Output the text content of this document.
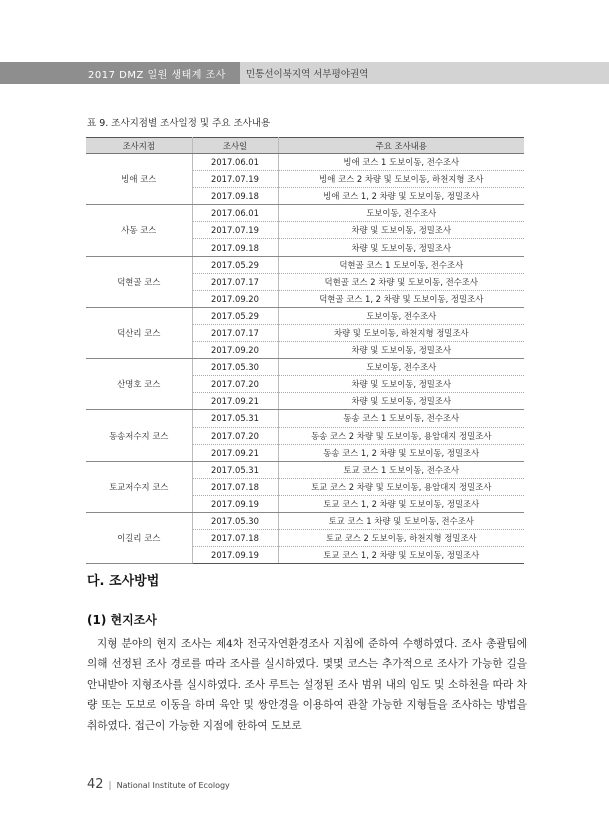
2017 DMZ 일원 생태계 조사 민통선이북지역 서부평야권역
표 9. 조사지점별 조사일정 및 주요 조사내용
조사지점	조사일	주요 조사내용
빙애 코스	2017.06.01	빙애 코스 1 도보이동, 전수조사
	2017.07.19	빙애 코스 2 차량 및 도보이동, 하천지형 조사
	2017.09.18	빙애 코스 1, 2 차량 및 도보이동, 정밀조사
사동 코스	2017.06.01	도보이동, 전수조사
	2017.07.19	차량 및 도보이동, 정밀조사
	2017.09.18	차량 및 도보이동, 정밀조사
덕현골 코스	2017.05.29	덕현골 코스 1 도보이동, 전수조사
	2017.07.17	덕현골 코스 2 차량 및 도보이동, 전수조사
	2017.09.20	덕현골 코스 1, 2 차량 및 도보이동, 정밀조사
덕산리 코스	2017.05.29	도보이동, 전수조사
	2017.07.17	차량 및 도보이동, 하천지형 정밀조사
	2017.09.20	차량 및 도보이동, 정밀조사
산명호 코스	2017.05.30	도보이동, 전수조사
	2017.07.20	차량 및 도보이동, 정밀조사
	2017.09.21	차량 및 도보이동, 정밀조사
동송저수지 코스	2017.05.31	동송 코스 1 도보이동, 전수조사
	2017.07.20	동송 코스 2 차량 및 도보이동, 용암대지 정밀조사
	2017.09.21	동송 코스 1, 2 차량 및 도보이동, 정밀조사
토교저수지 코스	2017.05.31	토교 코스 1 도보이동, 전수조사
	2017.07.18	토교 코스 2 차량 및 도보이동, 용암대지 정밀조사
	2017.09.19	토교 코스 1, 2 차량 및 도보이동, 정밀조사
이길리 코스	2017.05.30	토교 코스 1 차량 및 도보이동, 전수조사
	2017.07.18	토교 코스 2 도보이동, 하천지형 정밀조사
	2017.09.19	토교 코스 1, 2 차량 및 도보이동, 정밀조사
다. 조사방법
(1) 현지조사

지형 분야의 현지 조사는 제4차 전국자연환경조사 지침에 준하여 수행하였다. 조사 총괄팀에 의해 선정된 조사 경로를 따라 조사를 실시하였다. 몇몇 코스는 추가적으로 조사가 가능한 길을 안내받아 지형조사를 실시하였다. 조사 루트는 설정된 조사 범위 내의 임도 및 소하천을 따라 차량 또는 도보로 이동을 하며 육안 및 쌍안경을 이용하여 관찰 가능한 지형들을 조사하는 방법을 취하였다. 접근이 가능한 지점에 한하여 도보로

42 | National Institute of Ecology
